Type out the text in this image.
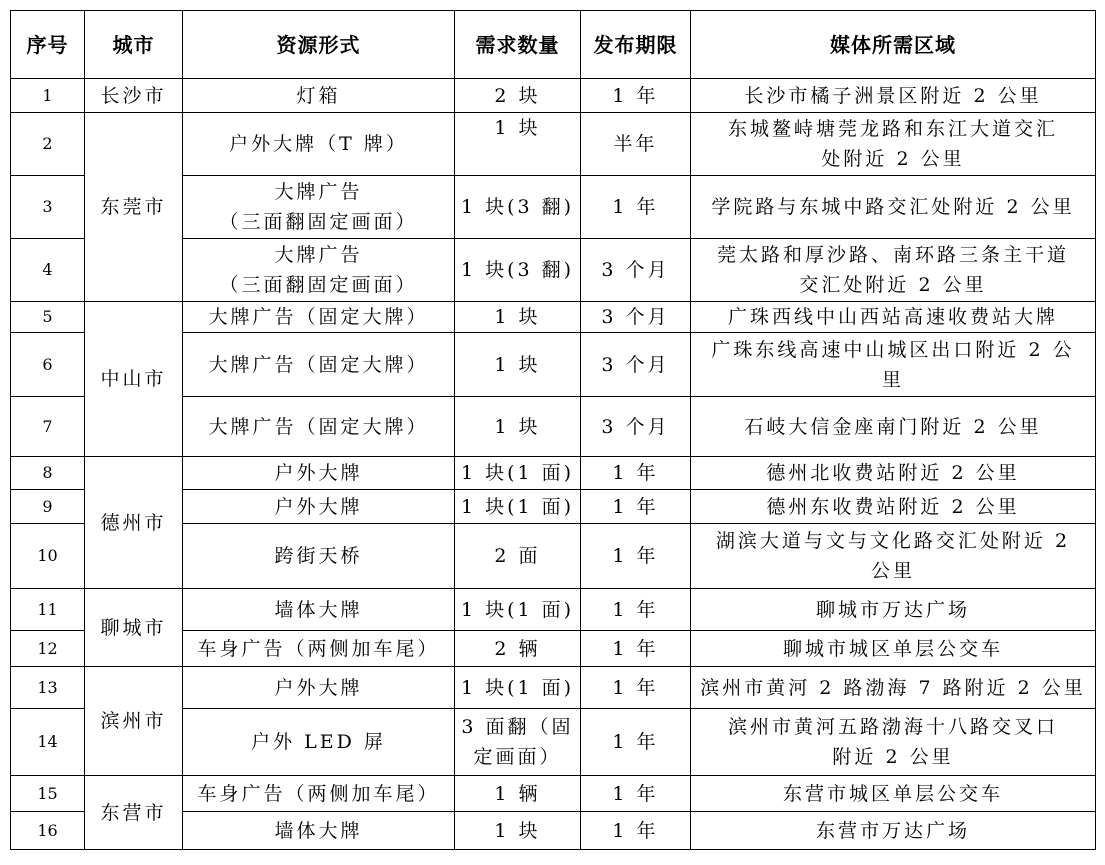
序号	城市	资源形式	需求数量	发布期限	媒体所需区域
1	长沙市	灯箱	2 块	1 年	长沙市橘子洲景区附近 2 公里
2	东莞市	户外大牌（T 牌）	1 块	半年	东城鳌峙塘莞龙路和东江大道交汇
处附近 2 公里

3		大牌广告
（三面翻固定画面）	1 块(3 翻)	1 年	学院路与东城中路交汇处附近 2 公里
4		大牌广告
（三面翻固定画面）	1 块(3 翻)	3 个月	莞太路和厚沙路、南环路三条主干道
交汇处附近 2 公里

5	中山市	大牌广告（固定大牌）	1 块	3 个月	广珠西线中山西站高速收费站大牌
6		大牌广告（固定大牌）	1 块	3 个月	广珠东线高速中山城区出口附近 2 公
里

7		大牌广告（固定大牌）	1 块	3 个月	石岐大信金座南门附近 2 公里
8	德州市	户外大牌	1 块(1 面)	1 年	德州北收费站附近 2 公里
9		户外大牌	1 块(1 面)	1 年	德州东收费站附近 2 公里
10		跨街天桥	2 面	1 年	湖滨大道与文与文化路交汇处附近 2
公里

11	聊城市	墙体大牌	1 块(1 面)	1 年	聊城市万达广场
12		车身广告（两侧加车尾）	2 辆	1 年	聊城市城区单层公交车
13	滨州市	户外大牌	1 块(1 面)	1 年	滨州市黄河 2 路渤海 7 路附近 2 公里
14		户外 LED 屏	3 面翻（固
定画面）	1 年	滨州市黄河五路渤海十八路交叉口
附近 2 公里

15	东营市	车身广告（两侧加车尾）	1 辆	1 年	东营市城区单层公交车
16		墙体大牌	1 块	1 年	东营市万达广场
